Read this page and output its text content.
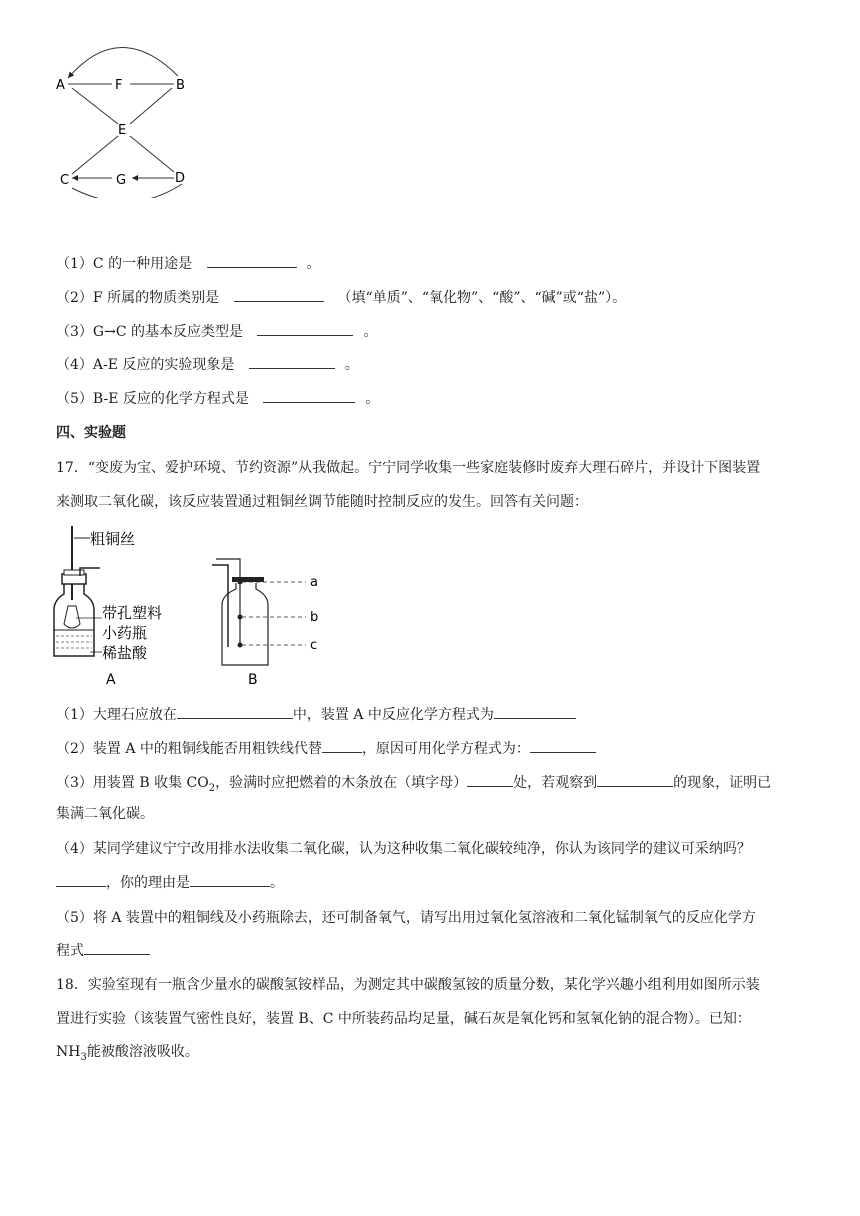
A	F	B
E
C	G	D
（1）C 的一种用途是	。
（2）F 所属的物质类别是	（填“单质”、“氧化物”、“酸”、“碱”或“盐”）。
（3）G→C 的基本反应类型是	。
（4）A-E 反应的实验现象是	。
（5）B-E 反应的化学方程式是	。
四、实验题
17．“变废为宝、爱护环境、节约资源”从我做起。宁宁同学收集一些家庭装修时废弃大理石碎片，并设计下图装置
来测取二氧化碳，该反应装置通过粗铜丝调节能随时控制反应的发生。回答有关问题：
粗铜丝
带孔塑料
小药瓶
稀盐酸
A
a
b
c
B
（1）大理石应放在	中，装置 A 中反应化学方程式为
（2）装置 A 中的粗铜线能否用粗铁线代替	，原因可用化学方程式为：
（3）用装置 B 收集 $CO_2$，验满时应把燃着的木条放在（填字母）	处，若观察到	的现象，证明已
集满二氧化碳。
（4）某同学建议宁宁改用排水法收集二氧化碳，认为这种收集二氧化碳较纯净，你认为该同学的建议可采纳吗？
，你的理由是	。
（5）将 A 装置中的粗铜线及小药瓶除去，还可制备氧气，请写出用过氧化氢溶液和二氧化锰制氧气的反应化学方
程式
18．实验室现有一瓶含少量水的碳酸氢铵样品，为测定其中碳酸氢铵的质量分数，某化学兴趣小组利用如图所示装
置进行实验（该装置气密性良好，装置 B、C 中所装药品均足量，碱石灰是氧化钙和氢氧化钠的混合物）。已知：
$NH_3$能被酸溶液吸收。
